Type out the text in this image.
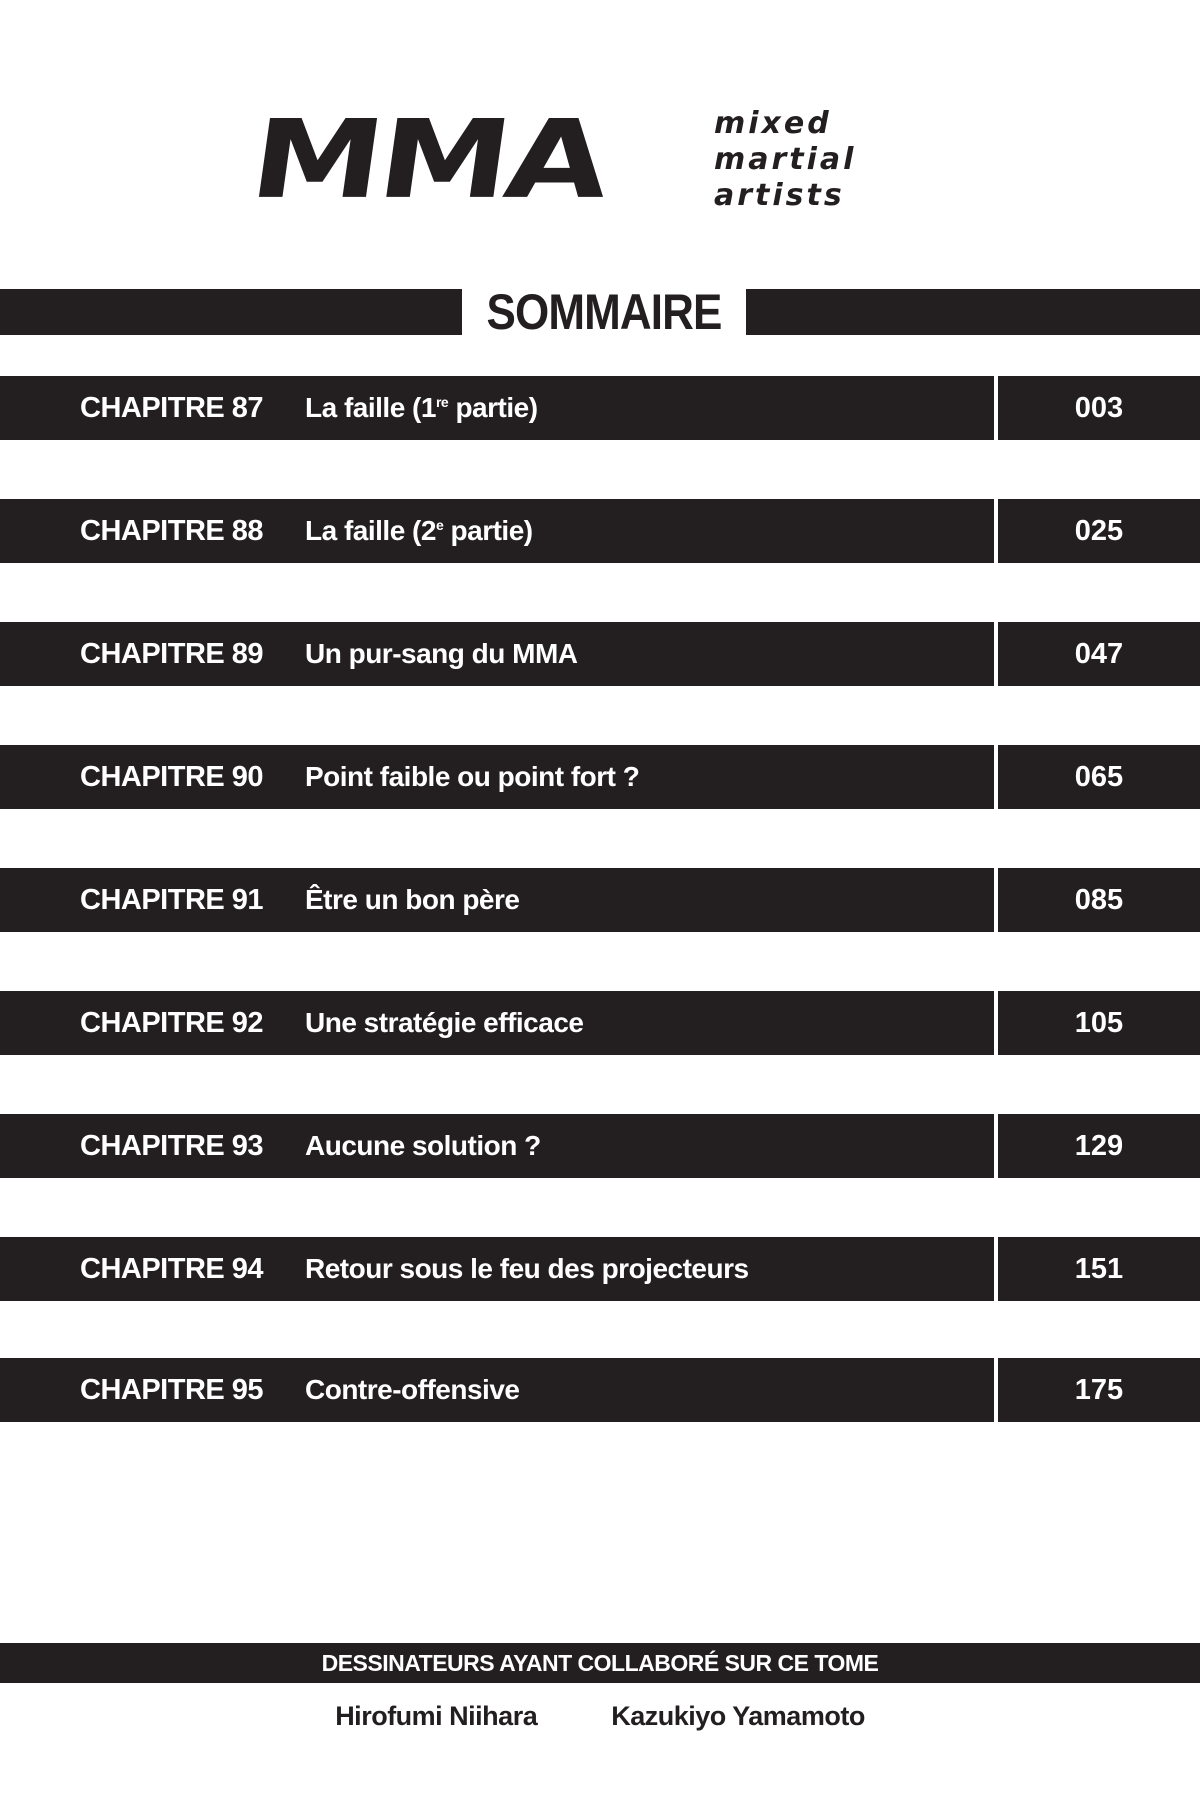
MMA	mixed
martial
artists
SOMMAIRE
CHAPITRE 87 La faille (1re partie)	003
CHAPITRE 88 La faille (2e partie)	025
CHAPITRE 89 Un pur-sang du MMA	047
CHAPITRE 90 Point faible ou point fort ?	065
CHAPITRE 91 Être un bon père	085
CHAPITRE 92 Une stratégie efficace	105
CHAPITRE 93 Aucune solution ?	129
CHAPITRE 94 Retour sous le feu des projecteurs	151
CHAPITRE 95 Contre-offensive	175
DESSINATEURS AYANT COLLABORÉ SUR CE TOME
Hirofumi Niihara	Kazukiyo Yamamoto
